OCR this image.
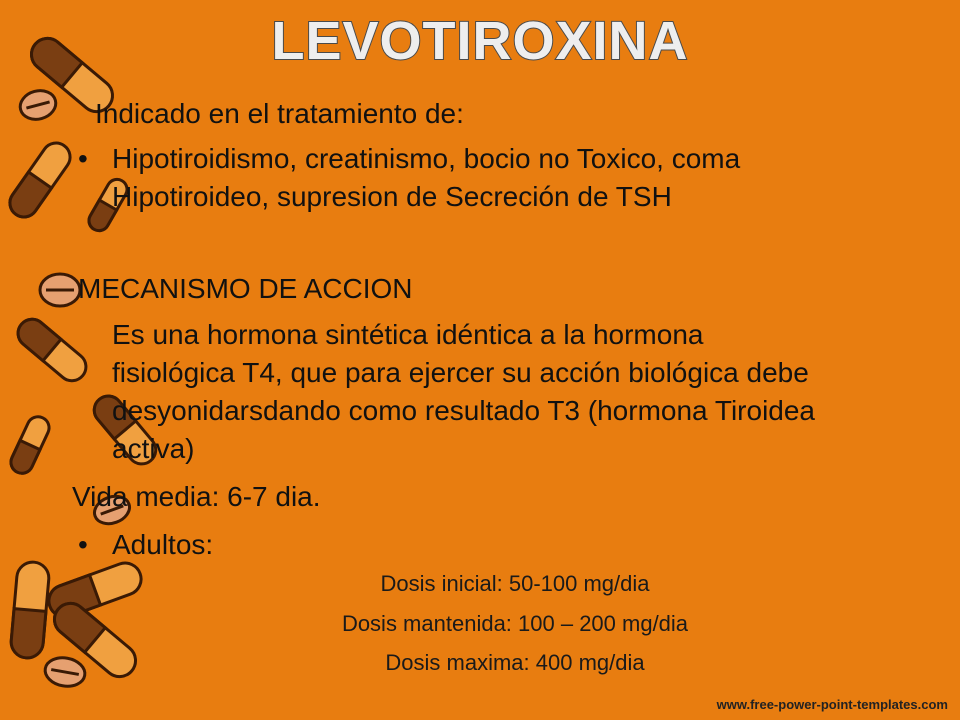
LEVOTIROXINA
Indicado en el tratamiento de:
• Hipotiroidismo, creatinismo, bocio no Toxico, coma
Hipotiroideo, supresion de Secreción de TSH
MECANISMO DE ACCION
Es una hormona sintética idéntica a la hormona
fisiológica T4, que para ejercer su acción biológica debe
desyonidarsdando como resultado T3 (hormona Tiroidea
activa)
Vida media: 6-7 dia.
• Adultos:
Dosis inicial: 50-100 mg/dia
Dosis mantenida: 100 – 200 mg/dia
Dosis maxima: 400 mg/dia
www.free-power-point-templates.com
